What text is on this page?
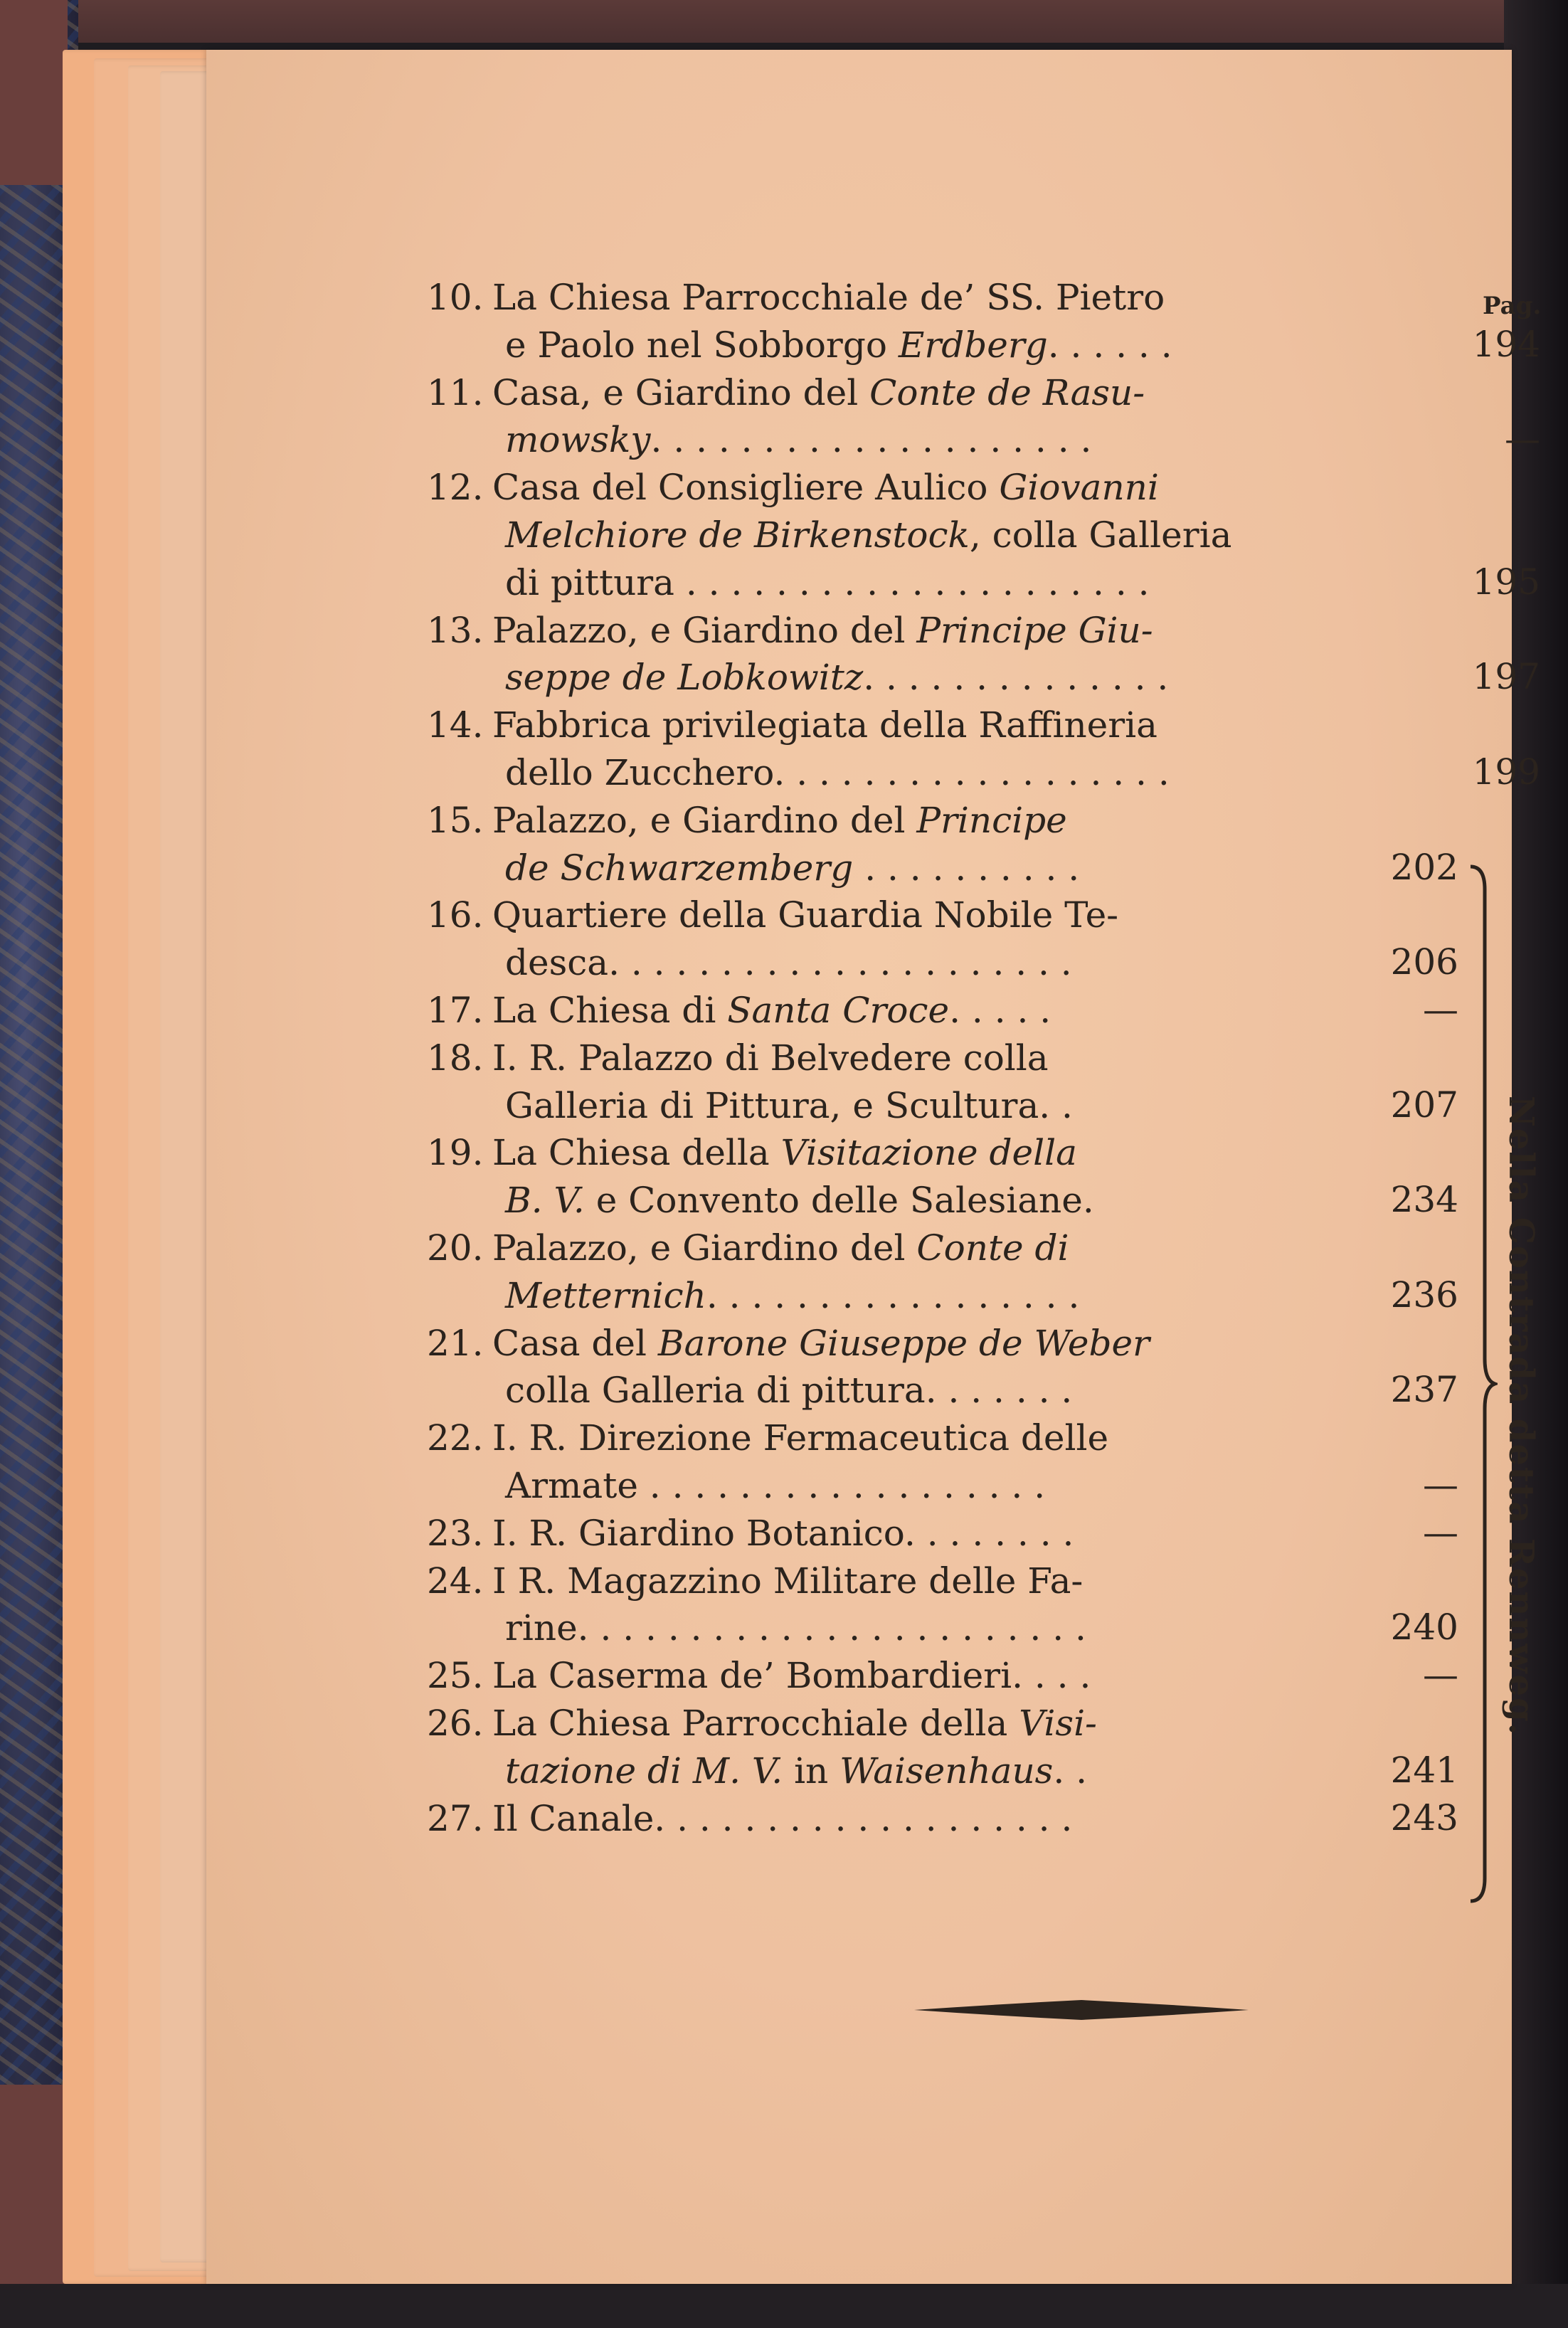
Pag.
10. La Chiesa Parrocchiale de’ SS. Pietro
e Paolo nel Sobborgo Erdberg. . . . . .	194
11. Casa, e Giardino del Conte de Rasu-
mowsky. . . . . . . . . . . . . . . . . . . .	—
12. Casa del Consigliere Aulico Giovanni
Melchiore de Birkenstock, colla Galleria
di pittura . . . . . . . . . . . . . . . . . . . . .	195
13. Palazzo, e Giardino del Principe Giu-
seppe de Lobkowitz. . . . . . . . . . . . . .	197
14. Fabbrica privilegiata della Raffineria
dello Zucchero. . . . . . . . . . . . . . . . . .	199
15. Palazzo, e Giardino del Principe
de Schwarzemberg . . . . . . . . . .	202
16. Quartiere della Guardia Nobile Te-
desca. . . . . . . . . . . . . . . . . . . . .	206
17. La Chiesa di Santa Croce. . . . .	—
18. I. R. Palazzo di Belvedere colla
Galleria di Pittura, e Scultura. .	207
19. La Chiesa della Visitazione della
B. V. e Convento delle Salesiane.	234
20. Palazzo, e Giardino del Conte di
Metternich. . . . . . . . . . . . . . . . .	236
21. Casa del Barone Giuseppe de Weber
colla Galleria di pittura. . . . . . .	237
22. I. R. Direzione Fermaceutica delle
Armate . . . . . . . . . . . . . . . . . .	—
23. I. R. Giardino Botanico. . . . . . . .	—
24. I R. Magazzino Militare delle Fa-
rine. . . . . . . . . . . . . . . . . . . . . . .	240
25. La Caserma de’ Bombardieri. . . .	—
26. La Chiesa Parrocchiale della Visi-
tazione di M. V. in Waisenhaus. .	241
27. Il Canale. . . . . . . . . . . . . . . . . . .	243
Nella Contrada detta Rennweg.
